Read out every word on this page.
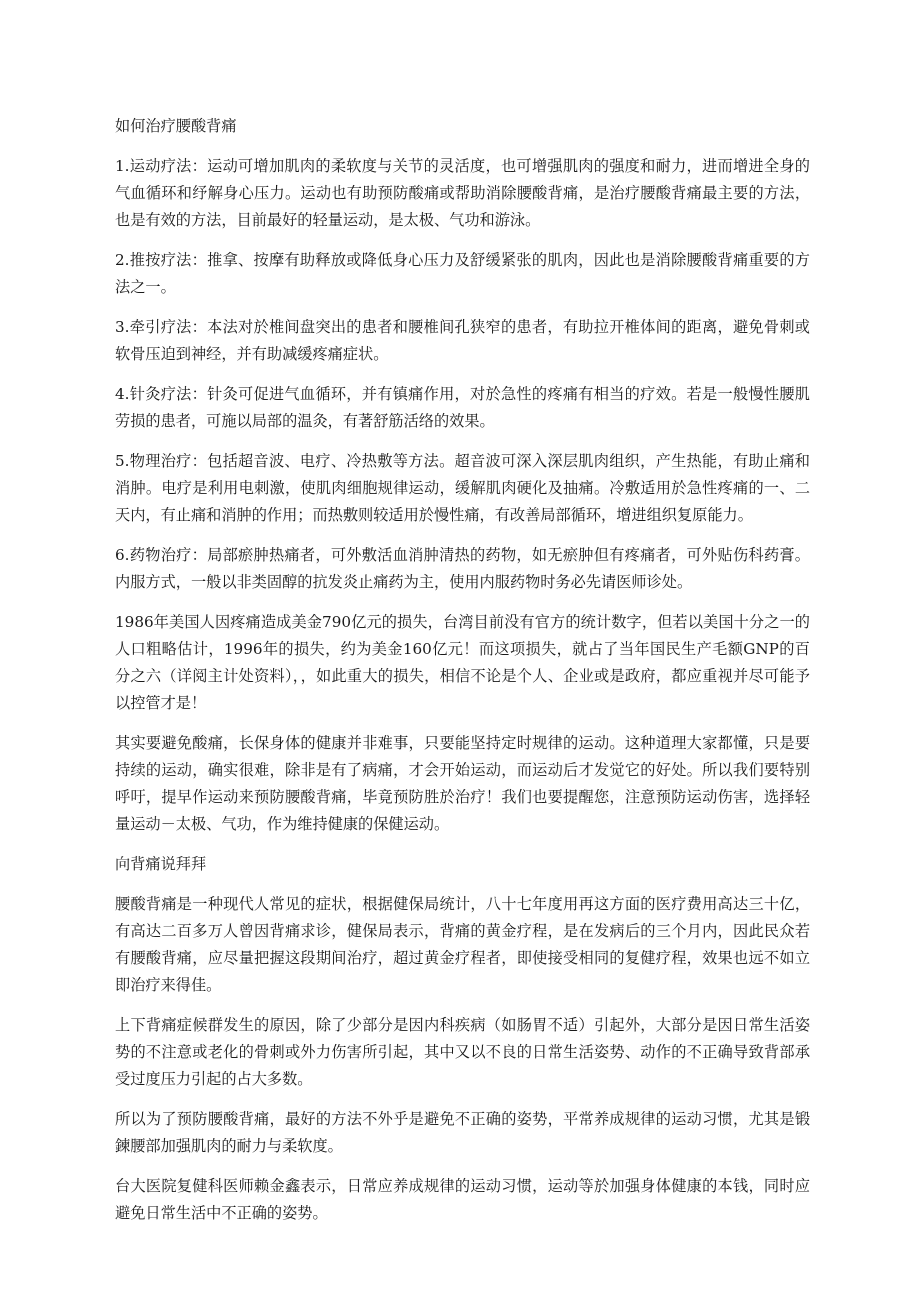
如何治疗腰酸背痛

1.运动疗法：运动可增加肌肉的柔软度与关节的灵活度，也可增强肌肉的强度和耐力，进而增进全身的气血循环和纾解身心压力。运动也有助预防酸痛或帮助消除腰酸背痛，是治疗腰酸背痛最主要的方法，也是有效的方法，目前最好的轻量运动，是太极、气功和游泳。

2.推按疗法：推拿、按摩有助释放或降低身心压力及舒缓紧张的肌肉，因此也是消除腰酸背痛重要的方法之一。

3.牵引疗法：本法对於椎间盘突出的患者和腰椎间孔狭窄的患者，有助拉开椎体间的距离，避免骨刺或软骨压迫到神经，并有助减缓疼痛症状。

4.针灸疗法：针灸可促进气血循环，并有镇痛作用，对於急性的疼痛有相当的疗效。若是一般慢性腰肌劳损的患者，可施以局部的温灸，有著舒筋活络的效果。

5.物理治疗：包括超音波、电疗、冷热敷等方法。超音波可深入深层肌肉组织，产生热能，有助止痛和消肿。电疗是利用电刺激，使肌肉细胞规律运动，缓解肌肉硬化及抽痛。冷敷适用於急性疼痛的一、二天内，有止痛和消肿的作用；而热敷则较适用於慢性痛，有改善局部循环，增进组织复原能力。

6.药物治疗：局部瘀肿热痛者，可外敷活血消肿清热的药物，如无瘀肿但有疼痛者，可外贴伤科药膏。内服方式，一般以非类固醇的抗发炎止痛药为主，使用内服药物时务必先请医师诊处。

1986年美国人因疼痛造成美金790亿元的损失，台湾目前没有官方的统计数字，但若以美国十分之一的人口粗略估计，1996年的损失，约为美金160亿元！而这项损失，就占了当年国民生产毛额GNP的百分之六（详阅主计处资料），，如此重大的损失，相信不论是个人、企业或是政府，都应重视并尽可能予以控管才是！

其实要避免酸痛，长保身体的健康并非难事，只要能坚持定时规律的运动。这种道理大家都懂，只是要持续的运动，确实很难，除非是有了病痛，才会开始运动，而运动后才发觉它的好处。所以我们要特别呼吁，提早作运动来预防腰酸背痛，毕竟预防胜於治疗！我们也要提醒您，注意预防运动伤害，选择轻量运动－太极、气功，作为维持健康的保健运动。

向背痛说拜拜

腰酸背痛是一种现代人常见的症状，根据健保局统计，八十七年度用再这方面的医疗费用高达三十亿，有高达二百多万人曾因背痛求诊，健保局表示，背痛的黄金疗程，是在发病后的三个月内，因此民众若有腰酸背痛，应尽量把握这段期间治疗，超过黄金疗程者，即使接受相同的复健疗程，效果也远不如立即治疗来得佳。

上下背痛症候群发生的原因，除了少部分是因内科疾病（如肠胃不适）引起外，大部分是因日常生活姿势的不注意或老化的骨刺或外力伤害所引起，其中又以不良的日常生活姿势、动作的不正确导致背部承受过度压力引起的占大多数。

所以为了预防腰酸背痛，最好的方法不外乎是避免不正确的姿势，平常养成规律的运动习惯，尤其是锻鍊腰部加强肌肉的耐力与柔软度。

台大医院复健科医师赖金鑫表示，日常应养成规律的运动习惯，运动等於加强身体健康的本钱，同时应避免日常生活中不正确的姿势。
